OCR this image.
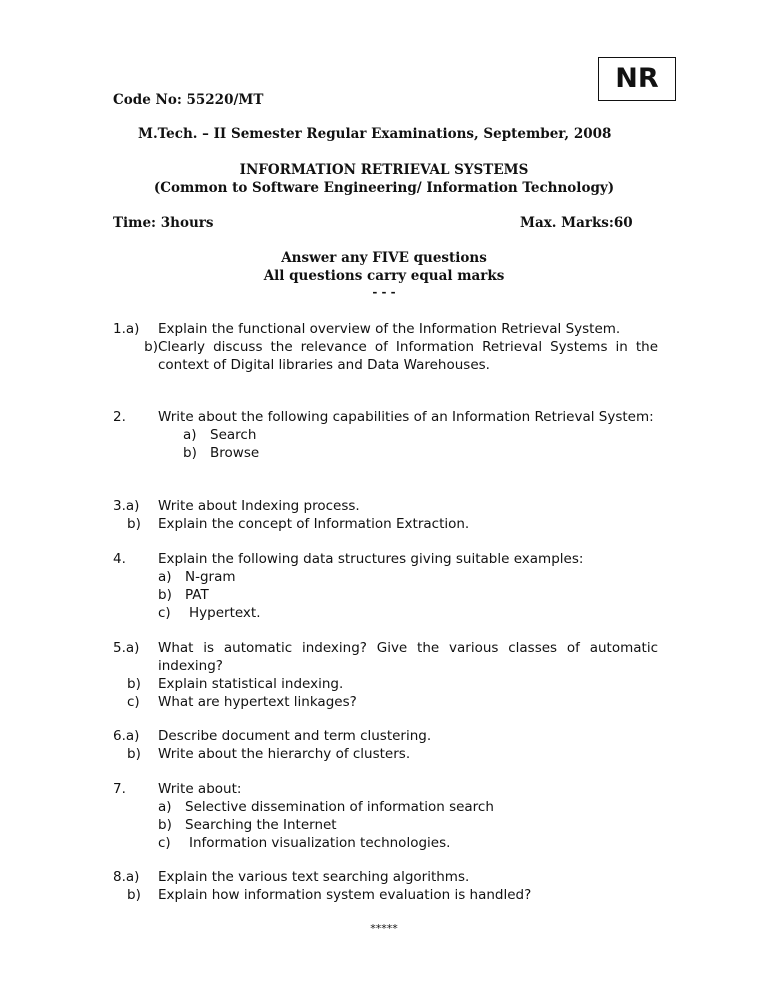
NR
Code No: 55220/MT
M.Tech. – II Semester Regular Examinations, September, 2008
INFORMATION RETRIEVAL SYSTEMS
(Common to Software Engineering/ Information Technology)
Time: 3hours	Max. Marks:60
Answer any FIVE questions
All questions carry equal marks
- - -
1.a)	Explain the functional overview of the Information Retrieval System.
b) Clearly discuss the relevance of Information Retrieval Systems in the context of Digital libraries and Data Warehouses.
2.	Write about the following capabilities of an Information Retrieval System:
a) Search
b) Browse
3.a)	Write about Indexing process.
b)	Explain the concept of Information Extraction.
4.	Explain the following data structures giving suitable examples:
a) N-gram
b) PAT
c)	Hypertext.
5.a)	What is automatic indexing? Give the various classes of automatic indexing?
b)	Explain statistical indexing.
c)	What are hypertext linkages?
6.a)	Describe document and term clustering.
b)	Write about the hierarchy of clusters.
7.	Write about:
a) Selective dissemination of information search
b) Searching the Internet
c)	Information visualization technologies.
8.a)	Explain the various text searching algorithms.
b)	Explain how information system evaluation is handled?
*****
